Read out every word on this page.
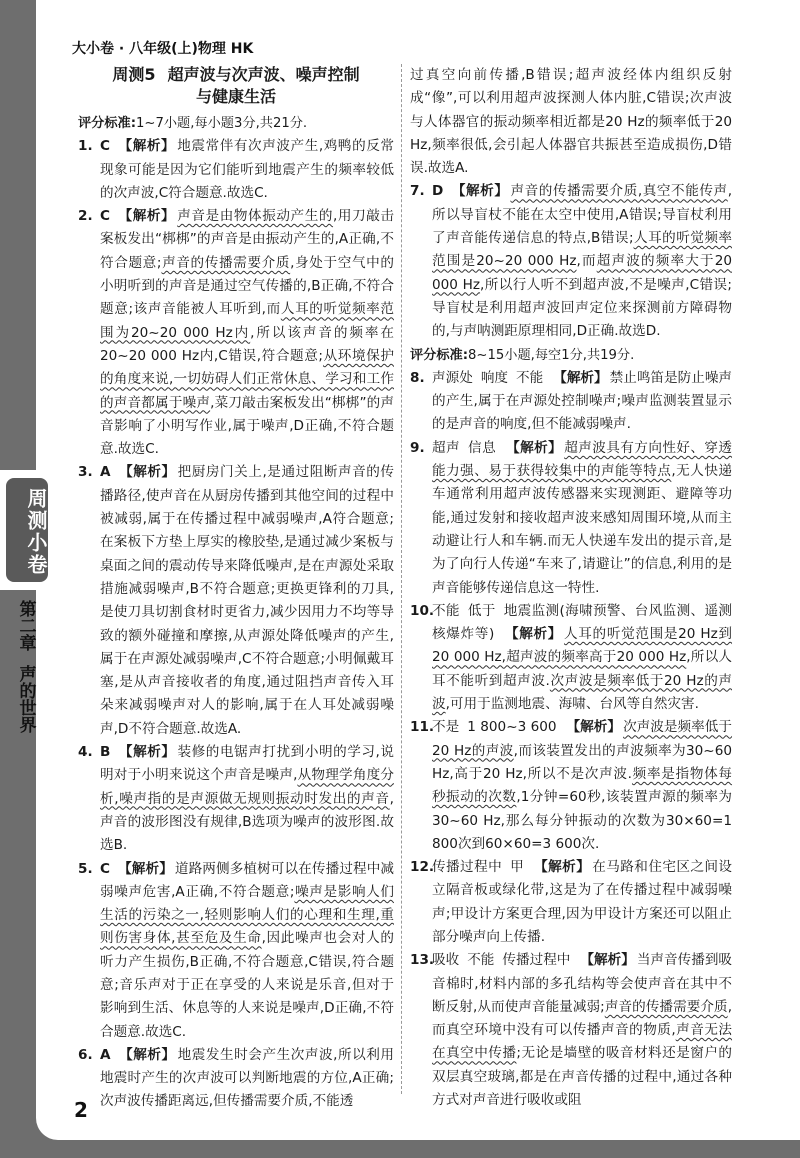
大小卷 · 八年级(上)物理 HK
周测小卷
第二章
声的世界
周测5 超声波与次声波、噪声控制
与健康生活
评分标准:1~7小题,每小题3分,共21分.
1. C 【解析】 地震常伴有次声波产生,鸡鸭的反常现象可能是因为它们能听到地震产生的频率较低的次声波,C符合题意.故选C.
2. C 【解析】 声音是由物体振动产生的,用刀敲击案板发出“梆梆”的声音是由振动产生的,A正确,不符合题意;声音的传播需要介质,身处于空气中的小明听到的声音是通过空气传播的,B正确,不符合题意;该声音能被人耳听到,而人耳的听觉频率范围为20~20 000 Hz内,所以该声音的频率在20~20 000 Hz内,C错误,符合题意;从环境保护的角度来说,一切妨碍人们正常休息、学习和工作的声音都属于噪声,菜刀敲击案板发出“梆梆”的声音影响了小明写作业,属于噪声,D正确,不符合题意.故选C.
3. A 【解析】 把厨房门关上,是通过阻断声音的传播路径,使声音在从厨房传播到其他空间的过程中被减弱,属于在传播过程中减弱噪声,A符合题意;在案板下方垫上厚实的橡胶垫,是通过减少案板与桌面之间的震动传导来降低噪声,是在声源处采取措施减弱噪声,B不符合题意;更换更锋利的刀具,是使刀具切割食材时更省力,减少因用力不均等导致的额外碰撞和摩擦,从声源处降低噪声的产生,属于在声源处减弱噪声,C不符合题意;小明佩戴耳塞,是从声音接收者的角度,通过阻挡声音传入耳朵来减弱噪声对人的影响,属于在人耳处减弱噪声,D不符合题意.故选A.
4. B 【解析】 装修的电锯声打扰到小明的学习,说明对于小明来说这个声音是噪声,从物理学角度分析,噪声指的是声源做无规则振动时发出的声音,声音的波形图没有规律,B选项为噪声的波形图.故选B.
5. C 【解析】 道路两侧多植树可以在传播过程中减弱噪声危害,A正确,不符合题意;噪声是影响人们生活的污染之一,轻则影响人们的心理和生理,重则伤害身体,甚至危及生命,因此噪声也会对人的听力产生损伤,B正确,不符合题意,C错误,符合题意;音乐声对于正在享受的人来说是乐音,但对于影响到生活、休息等的人来说是噪声,D正确,不符合题意.故选C.
6. A 【解析】 地震发生时会产生次声波,所以利用地震时产生的次声波可以判断地震的方位,A正确;次声波传播距离远,但传播需要介质,不能透
过真空向前传播,B错误;超声波经体内组织反射成“像”,可以利用超声波探测人体内脏,C错误;次声波与人体器官的振动频率相近都是20 Hz的频率低于20 Hz,频率很低,会引起人体器官共振甚至造成损伤,D错误.故选A.
7. D 【解析】 声音的传播需要介质,真空不能传声,所以导盲杖不能在太空中使用,A错误;导盲杖利用了声音能传递信息的特点,B错误;人耳的听觉频率范围是20~20 000 Hz,而超声波的频率大于20 000 Hz,所以行人听不到超声波,不是噪声,C错误;导盲杖是利用超声波回声定位来探测前方障碍物的,与声呐测距原理相同,D正确.故选D.
评分标准:8~15小题,每空1分,共19分.
8. 声源处 响度 不能 【解析】 禁止鸣笛是防止噪声的产生,属于在声源处控制噪声;噪声监测装置显示的是声音的响度,但不能减弱噪声.
9. 超声 信息 【解析】 超声波具有方向性好、穿透能力强、易于获得较集中的声能等特点,无人快递车通常利用超声波传感器来实现测距、避障等功能,通过发射和接收超声波来感知周围环境,从而主动避让行人和车辆.而无人快递车发出的提示音,是为了向行人传递“车来了,请避让”的信息,利用的是声音能够传递信息这一特性.
10.
不能 低于 地震监测(海啸预警、台风监测、遥测核爆炸等) 【解析】 人耳的听觉范围是20 Hz到20 000 Hz,超声波的频率高于20 000 Hz,所以人耳不能听到超声波.次声波是频率低于20 Hz的声波,可用于监测地震、海啸、台风等自然灾害.
11.
不是 1 800~3 600 【解析】 次声波是频率低于20 Hz的声波,而该装置发出的声波频率为30~60 Hz,高于20 Hz,所以不是次声波.频率是指物体每秒振动的次数,1分钟=60秒,该装置声源的频率为30~60 Hz,那么每分钟振动的次数为30×60=1 800次到60×60=3 600次.
12.
传播过程中 甲 【解析】 在马路和住宅区之间设立隔音板或绿化带,这是为了在传播过程中减弱噪声;甲设计方案更合理,因为甲设计方案还可以阻止部分噪声向上传播.
13.
吸收 不能 传播过程中 【解析】 当声音传播到吸音棉时,材料内部的多孔结构等会使声音在其中不断反射,从而使声音能量减弱;声音的传播需要介质,而真空环境中没有可以传播声音的物质,声音无法在真空中传播;无论是墙壁的吸音材料还是窗户的双层真空玻璃,都是在声音传播的过程中,通过各种方式对声音进行吸收或阻
2
